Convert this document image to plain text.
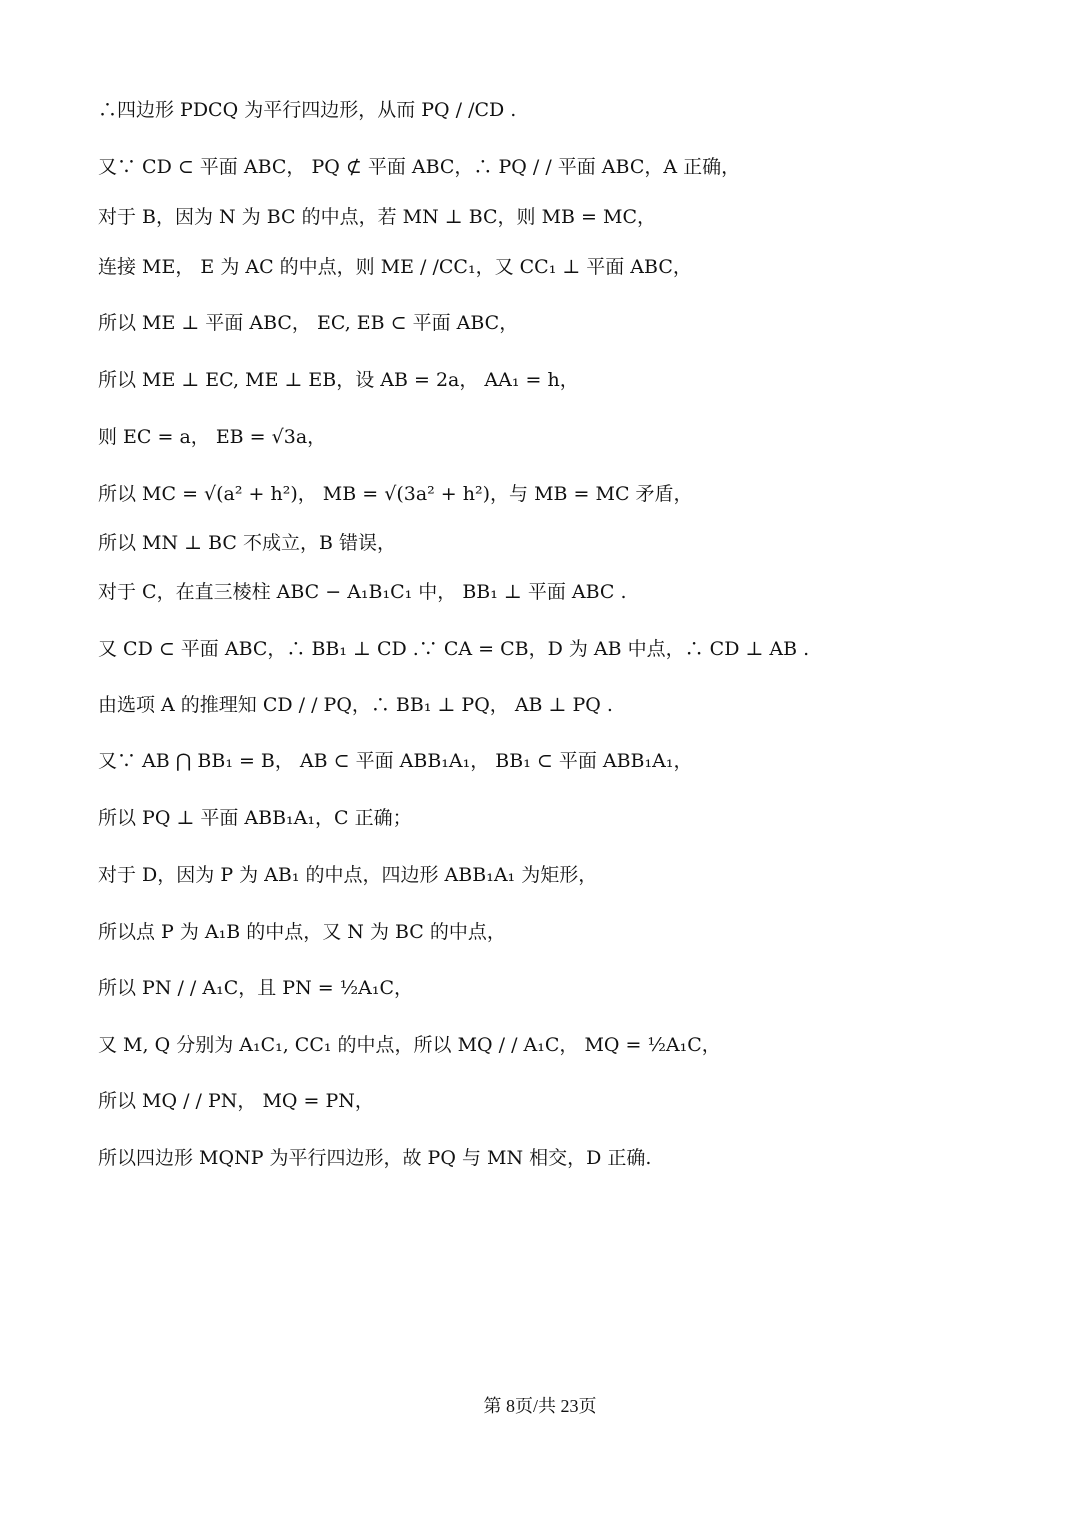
∴四边形 PDCQ 为平行四边形，从而 PQ / /CD .
又∵ CD ⊂ 平面 ABC， PQ ⊄ 平面 ABC，∴ PQ / / 平面 ABC，A 正确，
对于 B，因为 N 为 BC 的中点，若 MN ⊥ BC，则 MB = MC，
连接 ME， E 为 AC 的中点，则 ME / /CC₁，又 CC₁ ⊥ 平面 ABC，
所以 ME ⊥ 平面 ABC， EC, EB ⊂ 平面 ABC，
所以 ME ⊥ EC, ME ⊥ EB，设 AB = 2a， AA₁ = h，
则 EC = a， EB = √3a，
所以 MC = √(a² + h²)， MB = √(3a² + h²)，与 MB = MC 矛盾，
所以 MN ⊥ BC 不成立，B 错误，
对于 C，在直三棱柱 ABC − A₁B₁C₁ 中， BB₁ ⊥ 平面 ABC .
又 CD ⊂ 平面 ABC，∴ BB₁ ⊥ CD .∵ CA = CB，D 为 AB 中点，∴ CD ⊥ AB .
由选项 A 的推理知 CD / / PQ，∴ BB₁ ⊥ PQ， AB ⊥ PQ .
又∵ AB ⋂ BB₁ = B， AB ⊂ 平面 ABB₁A₁， BB₁ ⊂ 平面 ABB₁A₁，
所以 PQ ⊥ 平面 ABB₁A₁，C 正确；
对于 D，因为 P 为 AB₁ 的中点，四边形 ABB₁A₁ 为矩形，
所以点 P 为 A₁B 的中点，又 N 为 BC 的中点，
所以 PN / / A₁C，且 PN = ½A₁C，
又 M, Q 分别为 A₁C₁, CC₁ 的中点，所以 MQ / / A₁C， MQ = ½A₁C，
所以 MQ / / PN， MQ = PN，
所以四边形 MQNP 为平行四边形，故 PQ 与 MN 相交，D 正确.
第 8页/共 23页
